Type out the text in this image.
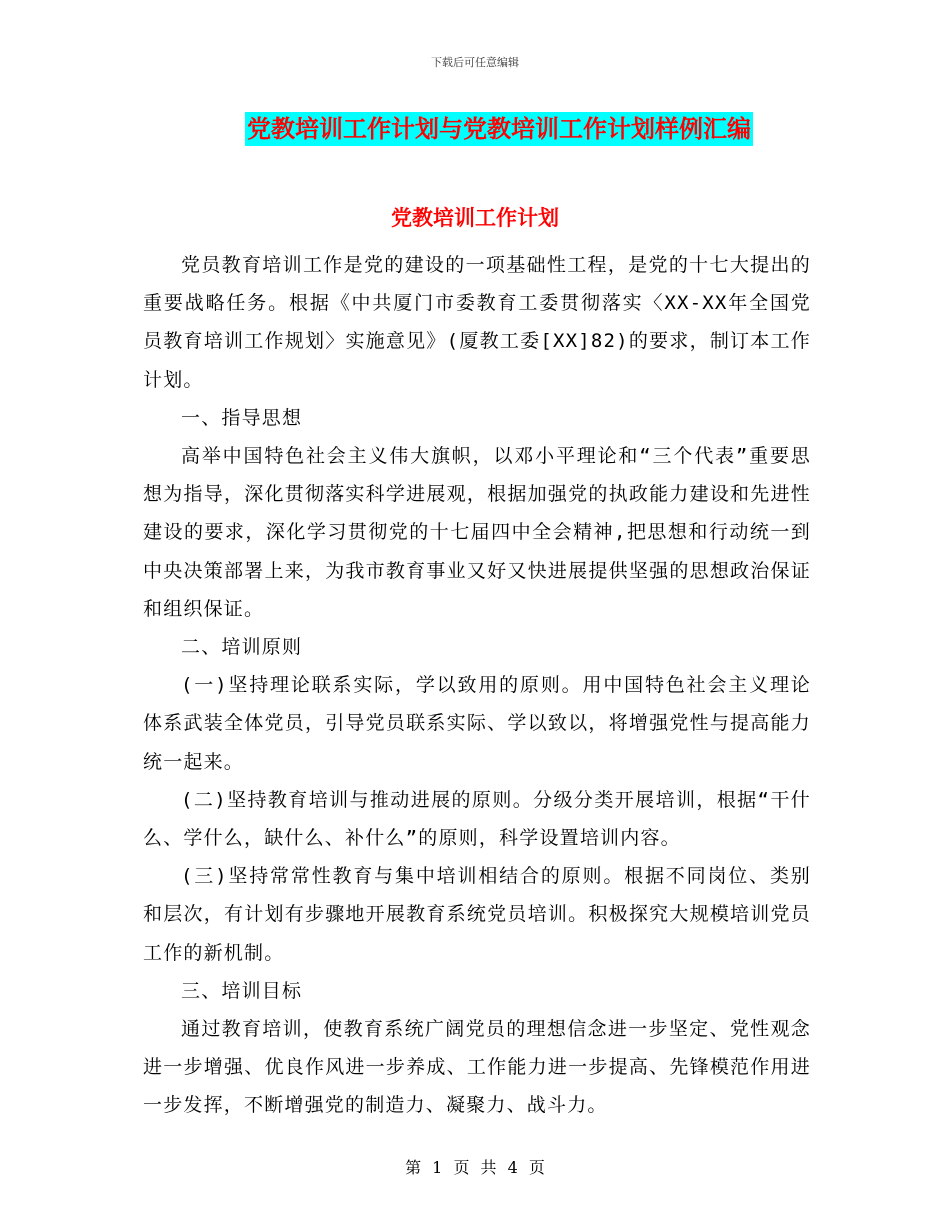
下载后可任意编辑
党教培训工作计划与党教培训工作计划样例汇编
党教培训工作计划

党员教育培训工作是党的建设的一项基础性工程，是党的十七大提出的重要战略任务。根据《中共厦门市委教育工委贯彻落实〈XX-XX年全国党员教育培训工作规划〉实施意见》(厦教工委[XX]82)的要求，制订本工作计划。

一、指导思想

高举中国特色社会主义伟大旗帜，以邓小平理论和“三个代表”重要思想为指导，深化贯彻落实科学进展观，根据加强党的执政能力建设和先进性建设的要求，深化学习贯彻党的十七届四中全会精神,把思想和行动统一到中央决策部署上来，为我市教育事业又好又快进展提供坚强的思想政治保证和组织保证。

二、培训原则

(一)坚持理论联系实际，学以致用的原则。用中国特色社会主义理论体系武装全体党员，引导党员联系实际、学以致以，将增强党性与提高能力统一起来。

(二)坚持教育培训与推动进展的原则。分级分类开展培训，根据“干什么、学什么，缺什么、补什么”的原则，科学设置培训内容。

(三)坚持常常性教育与集中培训相结合的原则。根据不同岗位、类别和层次，有计划有步骤地开展教育系统党员培训。积极探究大规模培训党员工作的新机制。

三、培训目标

通过教育培训，使教育系统广阔党员的理想信念进一步坚定、党性观念进一步增强、优良作风进一步养成、工作能力进一步提高、先锋模范作用进一步发挥，不断增强党的制造力、凝聚力、战斗力。

第 1 页 共 4 页
